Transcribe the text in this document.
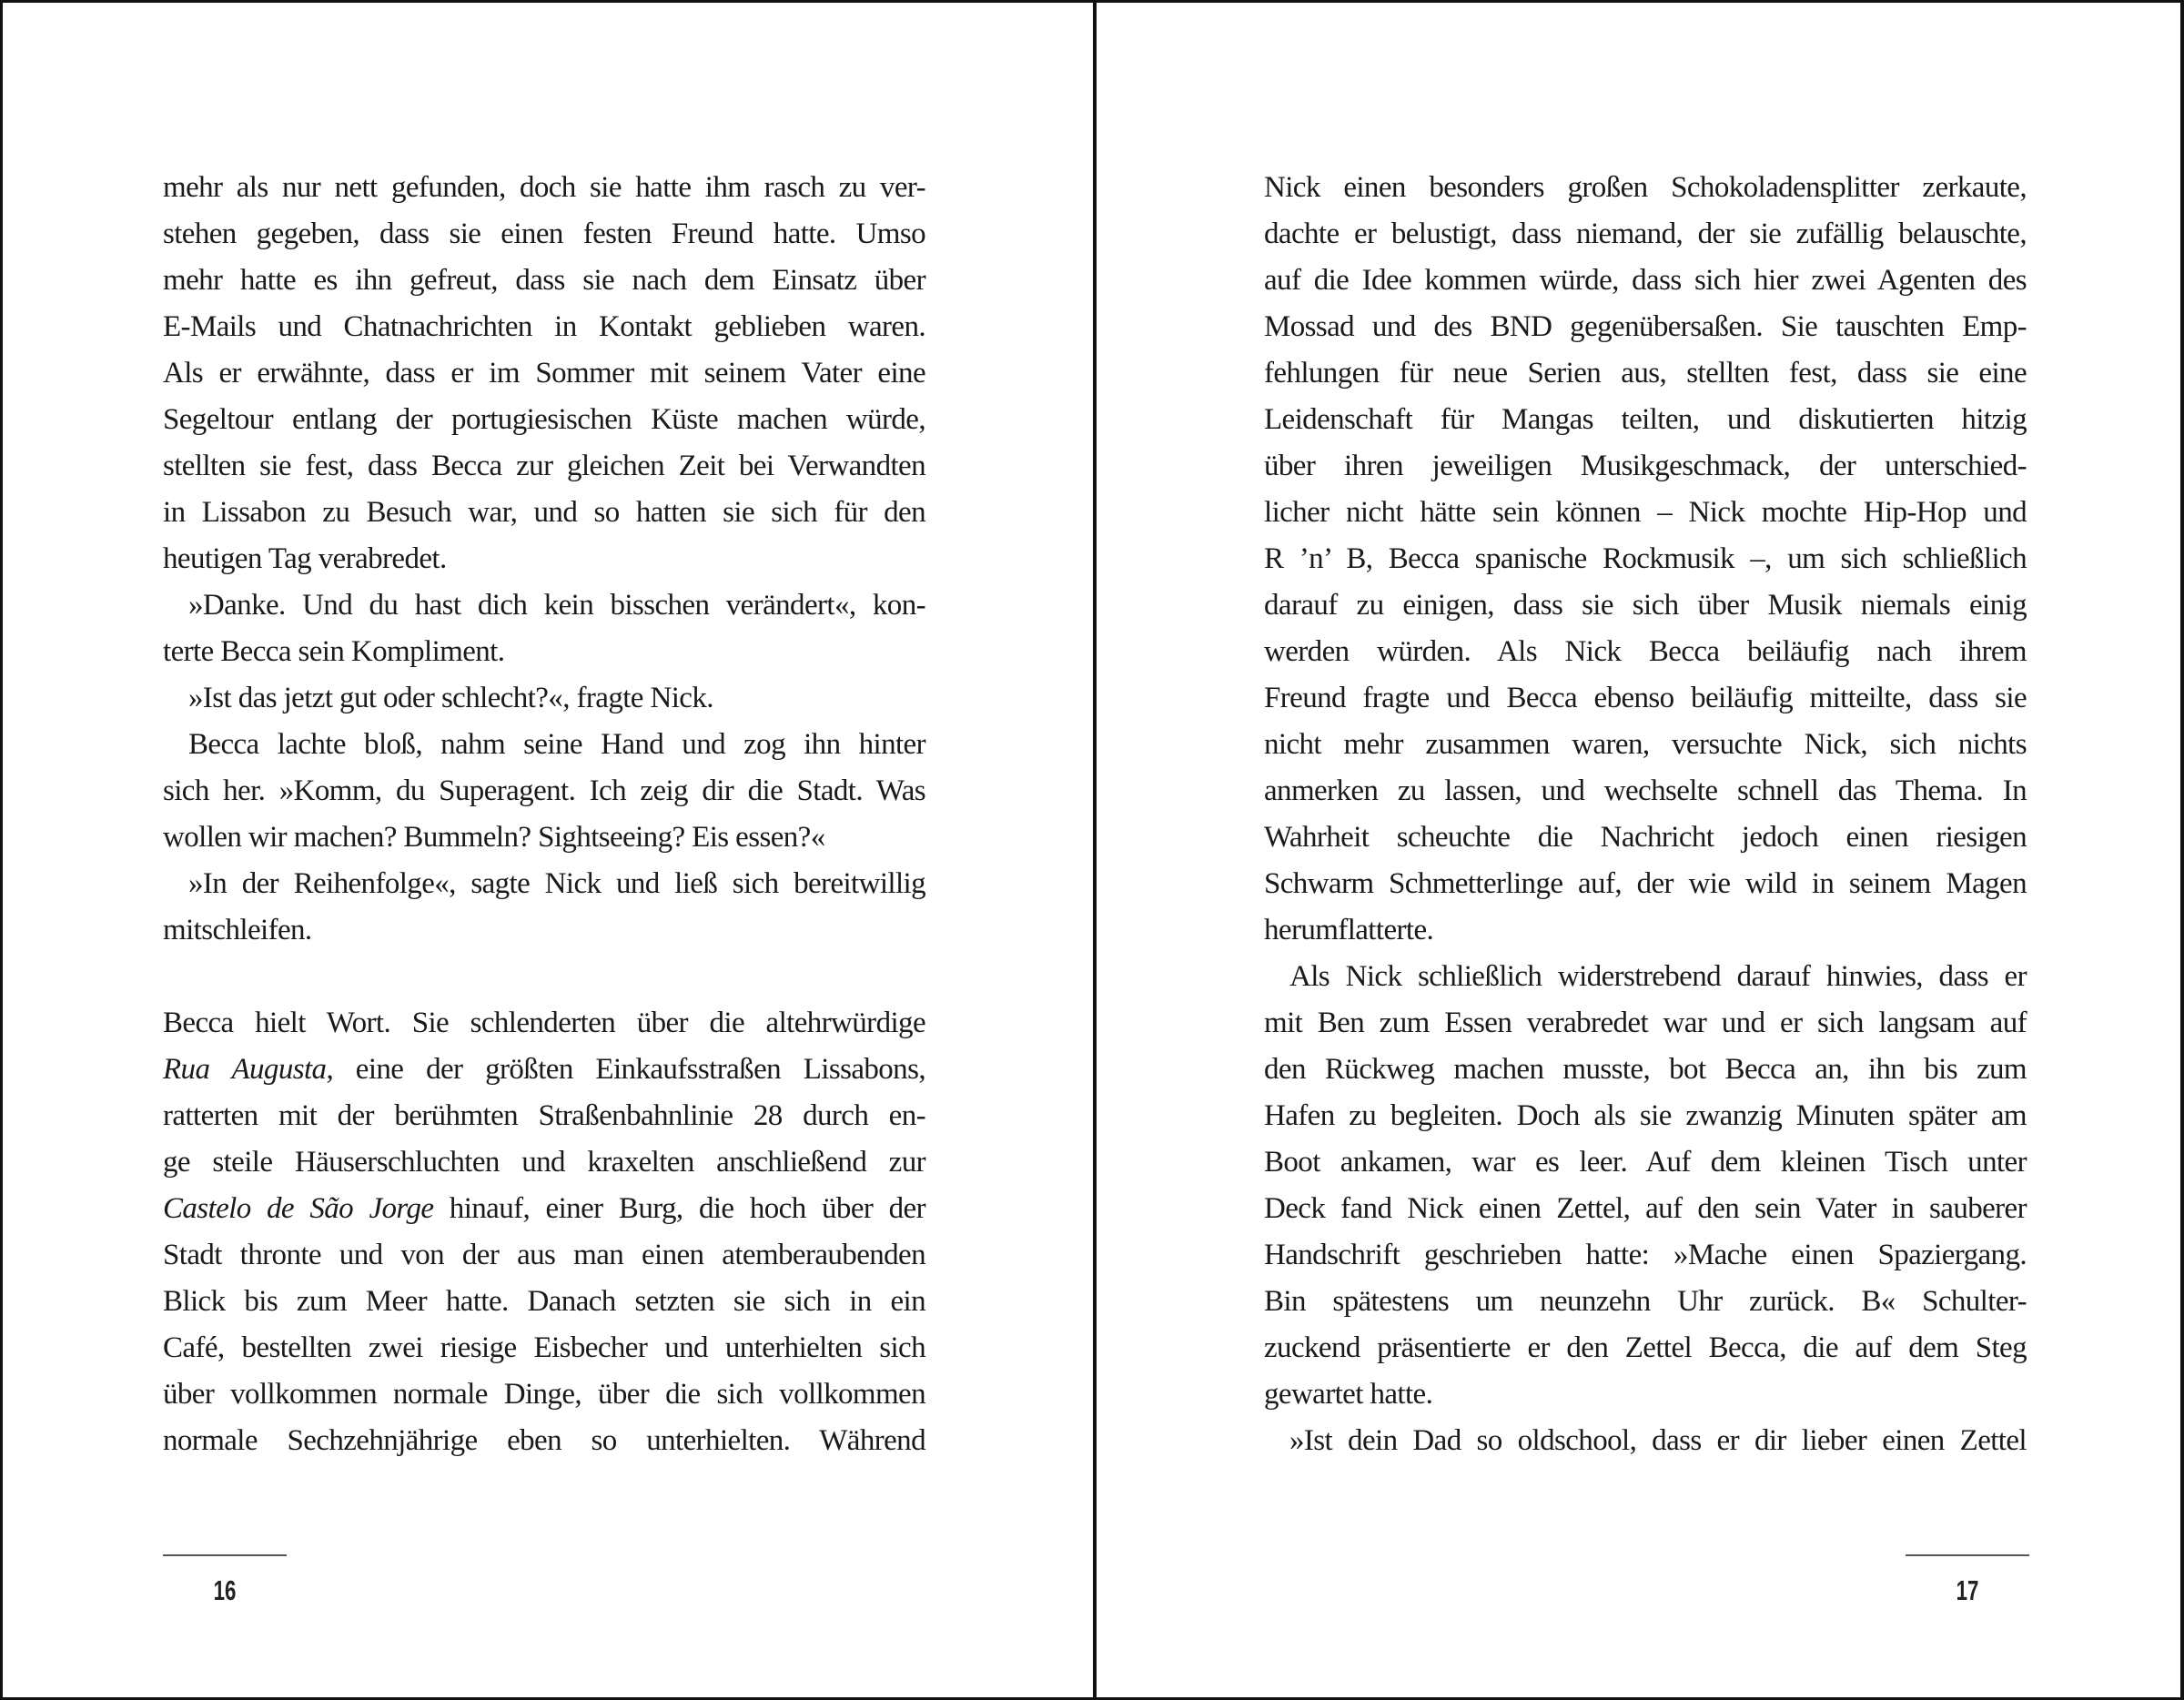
mehr als nur nett gefunden, doch sie hatte ihm rasch zu ver-
stehen gegeben, dass sie einen festen Freund hatte. Umso
mehr hatte es ihn gefreut, dass sie nach dem Einsatz über
E-Mails und Chatnachrichten in Kontakt geblieben waren.
Als er erwähnte, dass er im Sommer mit seinem Vater eine
Segeltour entlang der portugiesischen Küste machen würde,
stellten sie fest, dass Becca zur gleichen Zeit bei Verwandten
in Lissabon zu Besuch war, und so hatten sie sich für den
heutigen Tag verabredet.
»Danke. Und du hast dich kein bisschen verändert«, kon-
terte Becca sein Kompliment.
»Ist das jetzt gut oder schlecht?«, fragte Nick.
Becca lachte bloß, nahm seine Hand und zog ihn hinter
sich her. »Komm, du Superagent. Ich zeig dir die Stadt. Was
wollen wir machen? Bummeln? Sightseeing? Eis essen?«
»In der Reihenfolge«, sagte Nick und ließ sich bereitwillig
mitschleifen.
Becca hielt Wort. Sie schlenderten über die altehrwürdige
Rua Augusta, eine der größten Einkaufsstraßen Lissabons,
ratterten mit der berühmten Straßenbahnlinie 28 durch en-
ge steile Häuserschluchten und kraxelten anschließend zur
Castelo de São Jorge hinauf, einer Burg, die hoch über der
Stadt thronte und von der aus man einen atemberaubenden
Blick bis zum Meer hatte. Danach setzten sie sich in ein
Café, bestellten zwei riesige Eisbecher und unterhielten sich
über vollkommen normale Dinge, über die sich vollkommen
normale Sechzehnjährige eben so unterhielten. Während
16
Nick einen besonders großen Schokoladensplitter zerkaute,
dachte er belustigt, dass niemand, der sie zufällig belauschte,
auf die Idee kommen würde, dass sich hier zwei Agenten des
Mossad und des BND gegenübersaßen. Sie tauschten Emp-
fehlungen für neue Serien aus, stellten fest, dass sie eine
Leidenschaft für Mangas teilten, und diskutierten hitzig
über ihren jeweiligen Musikgeschmack, der unterschied-
licher nicht hätte sein können – Nick mochte Hip-Hop und
R ’n’ B, Becca spanische Rockmusik –, um sich schließlich
darauf zu einigen, dass sie sich über Musik niemals einig
werden würden. Als Nick Becca beiläufig nach ihrem
Freund fragte und Becca ebenso beiläufig mitteilte, dass sie
nicht mehr zusammen waren, versuchte Nick, sich nichts
anmerken zu lassen, und wechselte schnell das Thema. In
Wahrheit scheuchte die Nachricht jedoch einen riesigen
Schwarm Schmetterlinge auf, der wie wild in seinem Magen
herumflatterte.
Als Nick schließlich widerstrebend darauf hinwies, dass er
mit Ben zum Essen verabredet war und er sich langsam auf
den Rückweg machen musste, bot Becca an, ihn bis zum
Hafen zu begleiten. Doch als sie zwanzig Minuten später am
Boot ankamen, war es leer. Auf dem kleinen Tisch unter
Deck fand Nick einen Zettel, auf den sein Vater in sauberer
Handschrift geschrieben hatte: »Mache einen Spaziergang.
Bin spätestens um neunzehn Uhr zurück. B« Schulter-
zuckend präsentierte er den Zettel Becca, die auf dem Steg
gewartet hatte.
»Ist dein Dad so oldschool, dass er dir lieber einen Zettel
17
